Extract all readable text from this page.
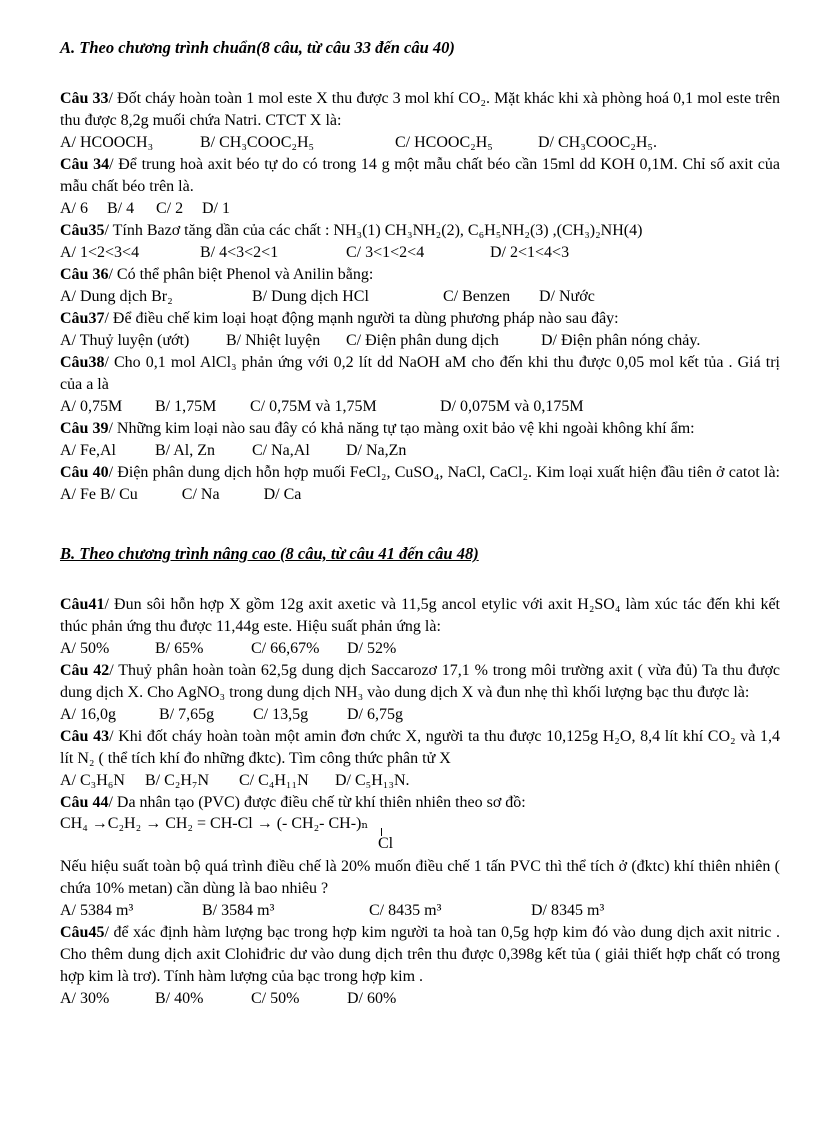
A. Theo chương trình chuẩn(8 câu, từ câu 33 đến câu 40)

Câu 33/ Đốt cháy hoàn toàn 1 mol este X thu được 3 mol khí CO₂. Mặt khác khi xà phòng hoá 0,1 mol este trên thu được 8,2g muối chứa Natri. CTCT X là:

A/ HCOOCH₃	B/ CH₃COOC₂H₅	C/ HCOOC₂H₅	D/ CH₃COOC₂H₅.

Câu 34/ Để trung hoà axit béo tự do có trong 14 g một mẫu chất béo cần 15ml dd KOH 0,1M. Chỉ số axit của mẫu chất béo trên là.

A/ 6	B/ 4	C/ 2	D/ 1

Câu35/ Tính Bazơ tăng dần của các chất : NH₃(1) CH₃NH₂(2), C₆H₅NH₂(3) ,(CH₃)₂NH(4)

A/ 1<2<3<4	B/ 4<3<2<1	C/ 3<1<2<4	D/ 2<1<4<3

Câu 36/ Có thể phân biệt Phenol và Anilin bằng:

A/ Dung dịch Br₂	B/ Dung dịch HCl	C/ Benzen	D/ Nước

Câu37/ Để điều chế kim loại hoạt động mạnh người ta dùng phương pháp nào sau đây:

A/ Thuỷ luyện (ướt)	B/ Nhiệt luyện	C/ Điện phân dung dịch	D/ Điện phân nóng chảy.

Câu38/ Cho 0,1 mol AlCl₃ phản ứng với 0,2 lít dd NaOH aM cho đến khi thu được 0,05 mol kết tủa . Giá trị của a là

A/ 0,75M	B/ 1,75M	C/ 0,75M và 1,75M	D/ 0,075M và 0,175M

Câu 39/ Những kim loại nào sau đây có khả năng tự tạo màng oxit bảo vệ khi ngoài không khí ẩm:

A/ Fe,Al	B/ Al, Zn	C/ Na,Al	D/ Na,Zn

Câu 40/ Điện phân dung dịch hỗn hợp muối FeCl₂, CuSO₄, NaCl, CaCl₂. Kim loại xuất hiện đầu tiên ở catot là: A/ Fe B/ Cu	C/ Na	D/ Ca

B. Theo chương trình nâng cao (8 câu, từ câu 41 đến câu 48)

Câu41/ Đun sôi hỗn hợp X gồm 12g axit axetic và 11,5g ancol etylic với axit H₂SO₄ làm xúc tác đến khi kết thúc phản ứng thu được 11,44g este. Hiệu suất phản ứng là:

A/ 50%	B/ 65%	C/ 66,67%	D/ 52%

Câu 42/ Thuỷ phân hoàn toàn 62,5g dung dịch Saccarozơ 17,1 % trong môi trường axit ( vừa đủ) Ta thu được dung dịch X. Cho AgNO₃ trong dung dịch NH₃ vào dung dịch X và đun nhẹ thì khối lượng bạc thu được là:

A/ 16,0g	B/ 7,65g	C/ 13,5g	D/ 6,75g

Câu 43/ Khi đốt cháy hoàn toàn một amin đơn chức X, người ta thu được 10,125g H₂O, 8,4 lít khí CO₂ và 1,4 lít N₂ ( thể tích khí đo những đktc). Tìm công thức phân tử X

A/ C₃H₆N	B/ C₂H₇N	C/ C₄H₁₁N	D/ C₅H₁₃N.

Câu 44/ Da nhân tạo (PVC) được điều chế từ khí thiên nhiên theo sơ đồ:

CH₄ →C₂H₂ → CH₂ = CH-Cl → (- CH₂- CH-)ₙ
Cl

Nếu hiệu suất toàn bộ quá trình điều chế là 20% muốn điều chế 1 tấn PVC thì thể tích ở (đktc) khí thiên nhiên ( chứa 10% metan) cần dùng là bao nhiêu ?

A/ 5384 m³	B/ 3584 m³	C/ 8435 m³	D/ 8345 m³

Câu45/ để xác định hàm lượng bạc trong hợp kim người ta hoà tan 0,5g hợp kim đó vào dung dịch axit nitric . Cho thêm dung dịch axit Clohiđric dư vào dung dịch trên thu được 0,398g kết tủa ( giải thiết hợp chất có trong hợp kim là trơ). Tính hàm lượng của bạc trong hợp kim .

A/ 30%	B/ 40%	C/ 50%	D/ 60%
